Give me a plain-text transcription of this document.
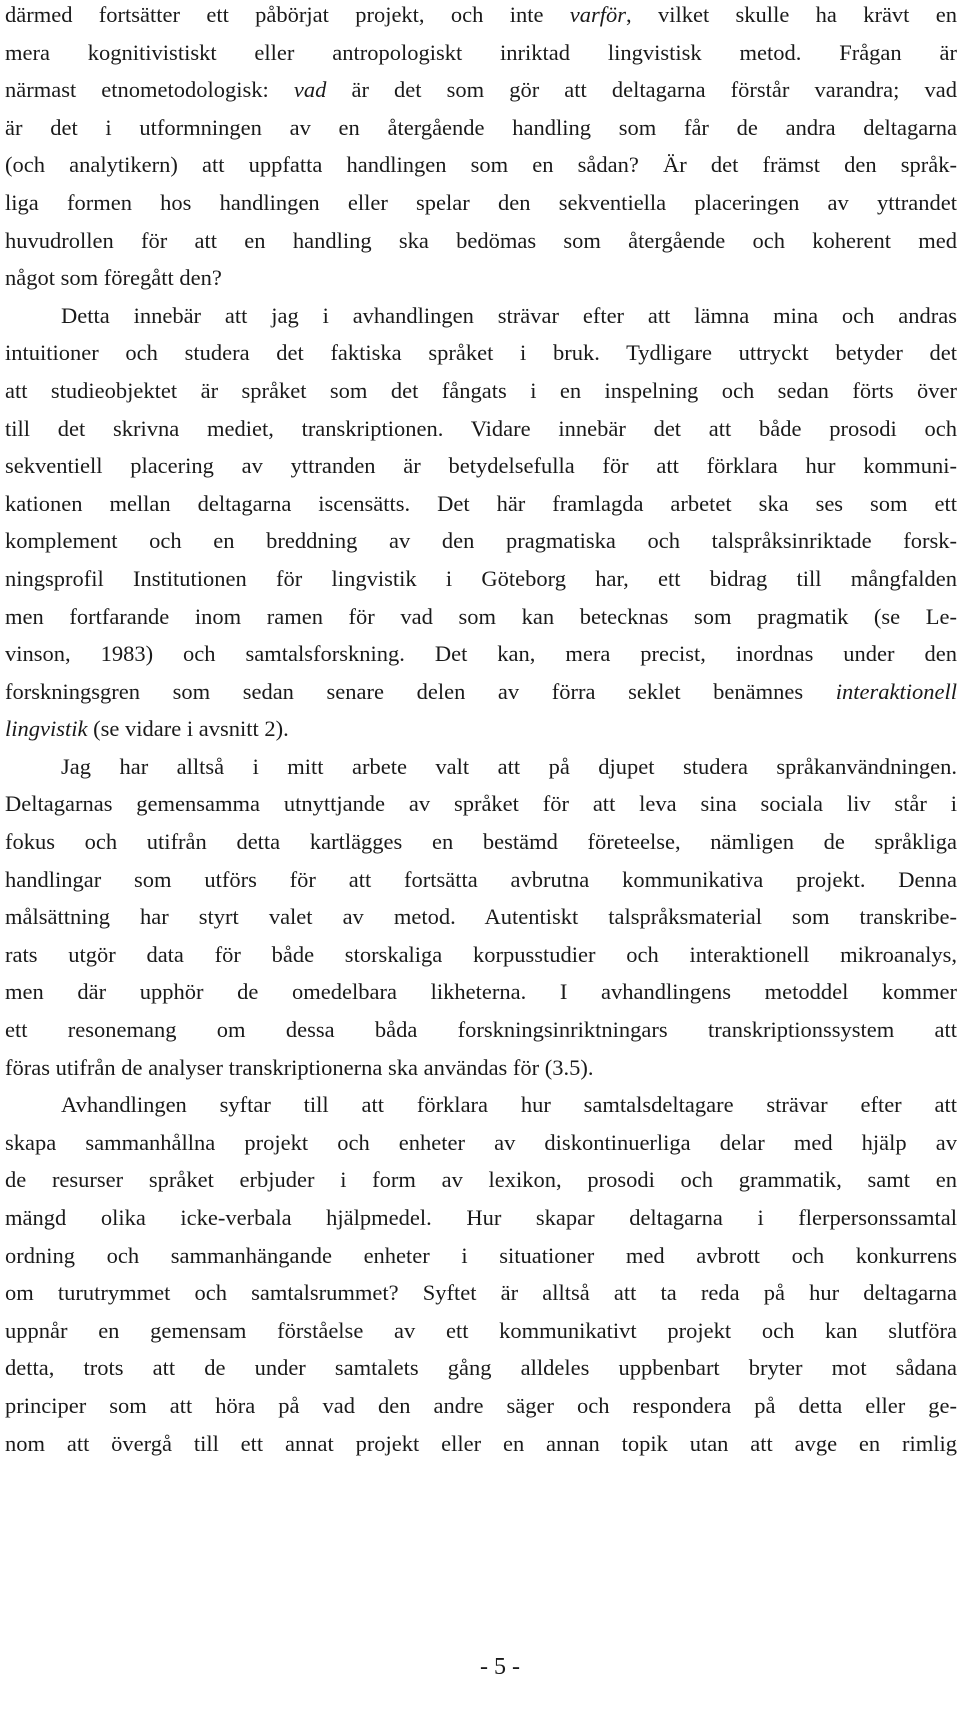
därmed fortsätter ett påbörjat projekt, och inte varför, vilket skulle ha krävt en
mera kognitivistiskt eller antropologiskt inriktad lingvistisk metod. Frågan är
närmast etnometodologisk: vad är det som gör att deltagarna förstår varandra; vad
är det i utformningen av en återgående handling som får de andra deltagarna
(och analytikern) att uppfatta handlingen som en sådan? Är det främst den språk-
liga formen hos handlingen eller spelar den sekventiella placeringen av yttrandet
huvudrollen för att en handling ska bedömas som återgående och koherent med
något som föregått den?
Detta innebär att jag i avhandlingen strävar efter att lämna mina och andras
intuitioner och studera det faktiska språket i bruk. Tydligare uttryckt betyder det
att studieobjektet är språket som det fångats i en inspelning och sedan förts över
till det skrivna mediet, transkriptionen. Vidare innebär det att både prosodi och
sekventiell placering av yttranden är betydelsefulla för att förklara hur kommuni-
kationen mellan deltagarna iscensätts. Det här framlagda arbetet ska ses som ett
komplement och en breddning av den pragmatiska och talspråksinriktade forsk-
ningsprofil Institutionen för lingvistik i Göteborg har, ett bidrag till mångfalden
men fortfarande inom ramen för vad som kan betecknas som pragmatik (se Le-
vinson, 1983) och samtalsforskning. Det kan, mera precist, inordnas under den
forskningsgren som sedan senare delen av förra seklet benämnes interaktionell
lingvistik (se vidare i avsnitt 2).
Jag har alltså i mitt arbete valt att på djupet studera språkanvändningen.
Deltagarnas gemensamma utnyttjande av språket för att leva sina sociala liv står i
fokus och utifrån detta kartlägges en bestämd företeelse, nämligen de språkliga
handlingar som utförs för att fortsätta avbrutna kommunikativa projekt. Denna
målsättning har styrt valet av metod. Autentiskt talspråksmaterial som transkribe-
rats utgör data för både storskaliga korpusstudier och interaktionell mikroanalys,
men där upphör de omedelbara likheterna. I avhandlingens metoddel kommer
ett resonemang om dessa båda forskningsinriktningars transkriptionssystem att
föras utifrån de analyser transkriptionerna ska användas för (3.5).
Avhandlingen syftar till att förklara hur samtalsdeltagare strävar efter att
skapa sammanhållna projekt och enheter av diskontinuerliga delar med hjälp av
de resurser språket erbjuder i form av lexikon, prosodi och grammatik, samt en
mängd olika icke-verbala hjälpmedel. Hur skapar deltagarna i flerpersonssamtal
ordning och sammanhängande enheter i situationer med avbrott och konkurrens
om turutrymmet och samtalsrummet? Syftet är alltså att ta reda på hur deltagarna
uppnår en gemensam förståelse av ett kommunikativt projekt och kan slutföra
detta, trots att de under samtalets gång alldeles uppbenbart bryter mot sådana
principer som att höra på vad den andre säger och respondera på detta eller ge-
nom att övergå till ett annat projekt eller en annan topik utan att avge en rimlig
- 5 -
